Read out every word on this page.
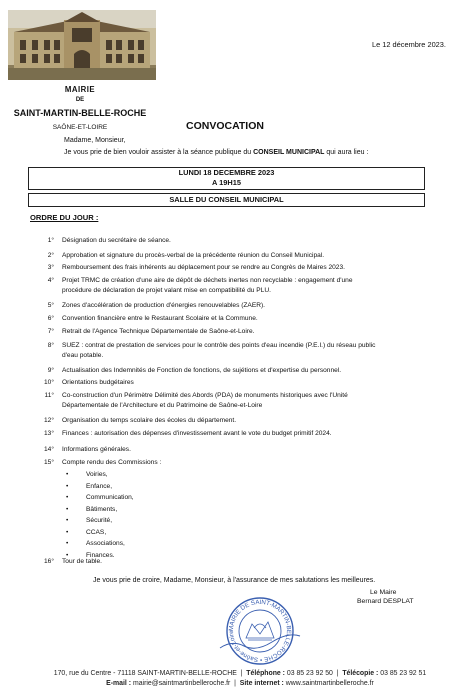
Le 12 décembre 2023.
MAIRIE
DE
SAINT-MARTIN-BELLE-ROCHE
SAÔNE-ET-LOIRE	CONVOCATION
Madame, Monsieur,
Je vous prie de bien vouloir assister à la séance publique du CONSEIL MUNICIPAL qui aura lieu :
LUNDI 18 DECEMBRE 2023
A 19H15
SALLE DU CONSEIL MUNICIPAL
ORDRE DU JOUR :
1° Désignation du secrétaire de séance.
2° Approbation et signature du procès-verbal de la précédente réunion du Conseil Municipal.
3° Remboursement des frais inhérents au déplacement pour se rendre au Congrès de Maires 2023.
4° Projet TRMC de création d'une aire de dépôt de déchets inertes non recyclable : engagement d'une
procédure de déclaration de projet valant mise en compatibilité du PLU.
5° Zones d'accélération de production d'énergies renouvelables (ZAER).
6° Convention financière entre le Restaurant Scolaire et la Commune.
7° Retrait de l'Agence Technique Départementale de Saône-et-Loire.
8° SUEZ : contrat de prestation de services pour le contrôle des points d'eau incendie (P.E.I.) du réseau public
d'eau potable.
9° Actualisation des Indemnités de Fonction de fonctions, de sujétions et d'expertise du personnel.
10° Orientations budgétaires
11° Co-construction d'un Périmètre Délimité des Abords (PDA) de monuments historiques avec l'Unité
Départementale de l'Architecture et du Patrimoine de Saône-et-Loire
12° Organisation du temps scolaire des écoles du département.
13° Finances : autorisation des dépenses d'investissement avant le vote du budget primitif 2024.
14° Informations générales.
15° Compte rendu des Commissions :
16° Tour de table.
•	Voiries,
•	Enfance,
•	Communication,
•	Bâtiments,
•	Sécurité,
•	CCAS,
•	Associations,
•	Finances.
Je vous prie de croire, Madame, Monsieur, à l'assurance de mes salutations les meilleures.
Le Maire
Bernard DESPLAT
MAIRIE DE SAINT-MARTIN-BELLE-ROCHE • Saône-et-Loire
170, rue du Centre - 71118 SAINT-MARTIN-BELLE-ROCHE  |  Téléphone : 03 85 23 92 50  |  Télécopie : 03 85 23 92 51
E-mail : mairie@saintmartinbelleroche.fr  |  Site internet : www.saintmartinbelleroche.fr
